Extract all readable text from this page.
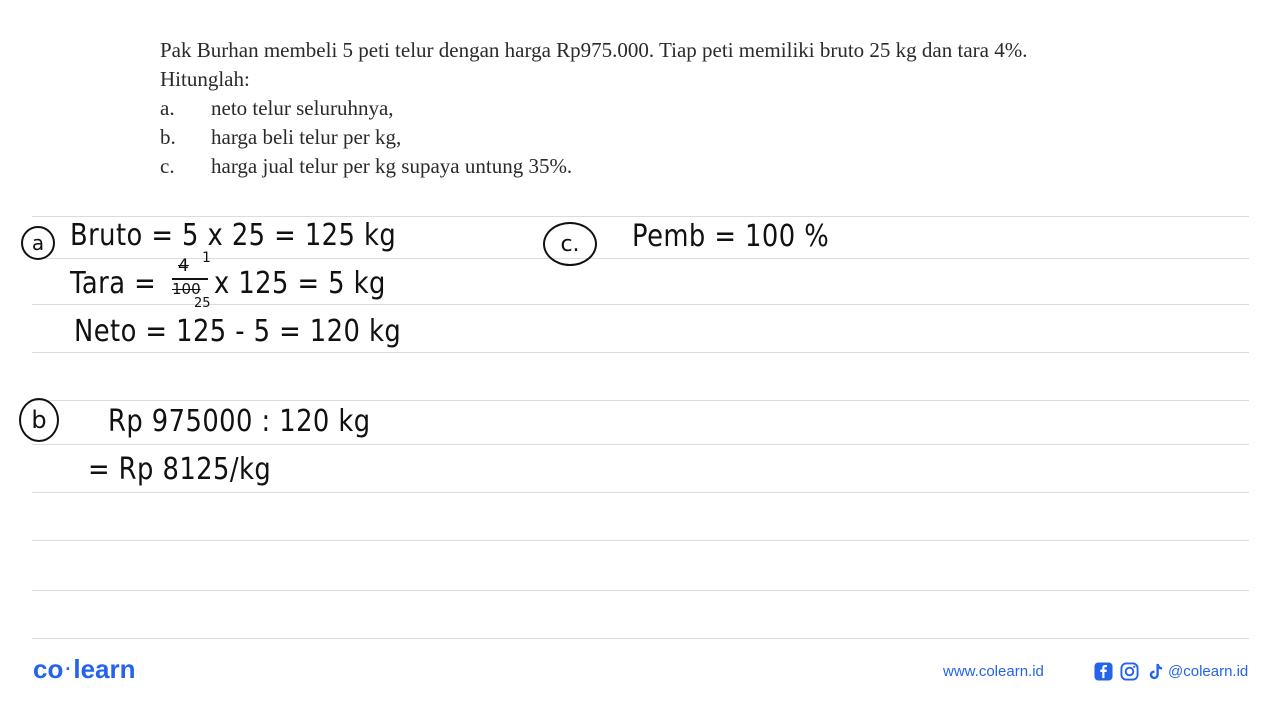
Pak Burhan membeli 5 peti telur dengan harga Rp975.000. Tiap peti memiliki bruto 25 kg dan tara 4%. Hitunglah:

a.	neto telur seluruhnya,
b.	harga beli telur per kg,
c.	harga jual telur per kg supaya untung 35%.
a Bruto = 5 x 25 = 125 kg
Tara = 4 1
100
25
x 125 = 5 kg
Neto = 125 - 5 = 120 kg
b Rp 975000 : 120 kg
= Rp 8125/kg
c. Pemb = 100 %
co ·learn	www.colearn.id	@colearn.id
